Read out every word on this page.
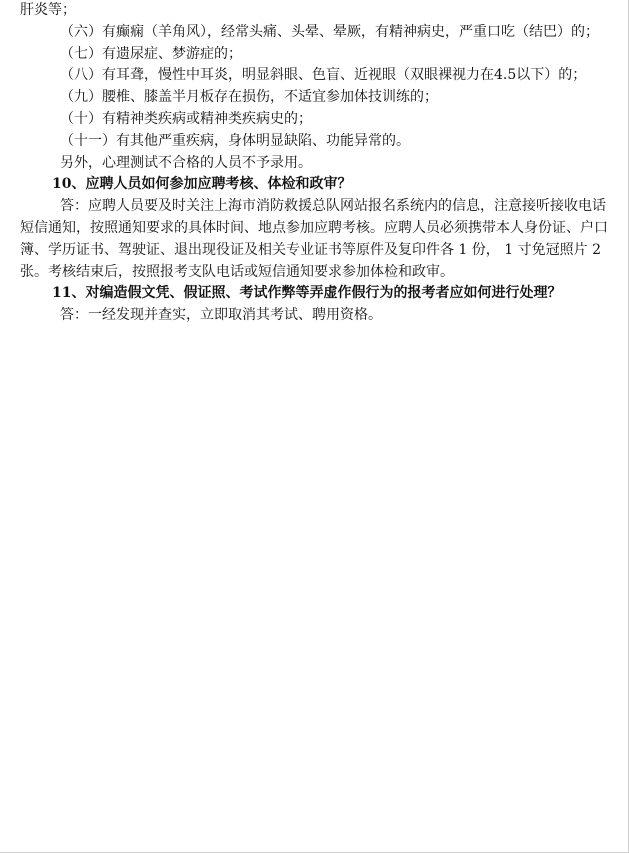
肝炎等；

（六）有癫痫（羊角风），经常头痛、头晕、晕厥，有精神病史，严重口吃（结巴）的；

（七）有遗尿症、梦游症的；

（八）有耳聋，慢性中耳炎，明显斜眼、色盲、近视眼（双眼裸视力在4.5以下）的；

（九）腰椎、膝盖半月板存在损伤，不适宜参加体技训练的；

（十）有精神类疾病或精神类疾病史的；

（十一）有其他严重疾病，身体明显缺陷、功能异常的。

另外，心理测试不合格的人员不予录用。

10、应聘人员如何参加应聘考核、体检和政审？

答：应聘人员要及时关注上海市消防救援总队网站报名系统内的信息，注意接听接收电话短信通知，按照通知要求的具体时间、地点参加应聘考核。应聘人员必须携带本人身份证、户口簿、学历证书、驾驶证、退出现役证及相关专业证书等原件及复印件各 1 份， 1 寸免冠照片 2 张。考核结束后，按照报考支队电话或短信通知要求参加体检和政审。

11、对编造假文凭、假证照、考试作弊等弄虚作假行为的报考者应如何进行处理？

答：一经发现并查实，立即取消其考试、聘用资格。
